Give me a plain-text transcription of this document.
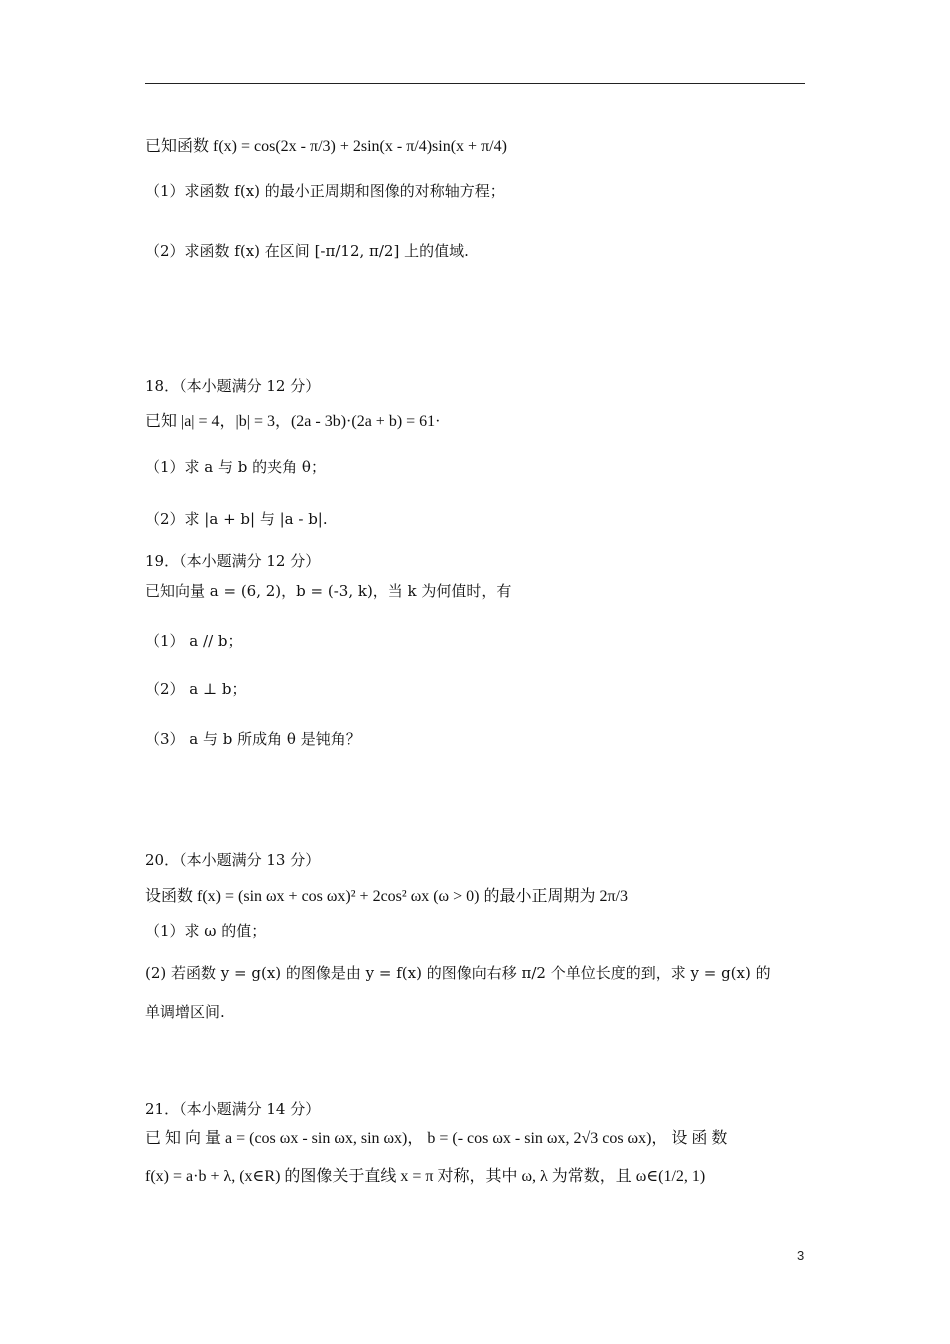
已知函数 f(x) = cos(2x - π/3) + 2sin(x - π/4)sin(x + π/4)
（1）求函数 f(x) 的最小正周期和图像的对称轴方程；
（2）求函数 f(x) 在区间 [-π/12, π/2] 上的值域.
18．（本小题满分 12 分）
已知 |a| = 4，|b| = 3，(2a - 3b)·(2a + b) = 61·
（1）求 a 与 b 的夹角 θ；
（2）求 |a + b| 与 |a - b|.
19．（本小题满分 12 分）
已知向量 a = (6, 2)，b = (-3, k)，当 k 为何值时，有
（1） a // b；
（2） a ⊥ b；
（3） a 与 b 所成角 θ 是钝角？
20．（本小题满分 13 分）
设函数 f(x) = (sin ωx + cos ωx)² + 2cos² ωx (ω > 0) 的最小正周期为 2π/3
（1）求 ω 的值；
(2) 若函数 y = g(x) 的图像是由 y = f(x) 的图像向右移 π/2 个单位长度的到，求 y = g(x) 的
单调增区间.
21．（本小题满分 14 分）
已 知 向 量 a = (cos ωx - sin ωx, sin ωx)， b = (- cos ωx - sin ωx, 2√3 cos ωx)， 设 函 数
f(x) = a·b + λ, (x∈R) 的图像关于直线 x = π 对称，其中 ω, λ 为常数，且 ω∈(1/2, 1)
3
